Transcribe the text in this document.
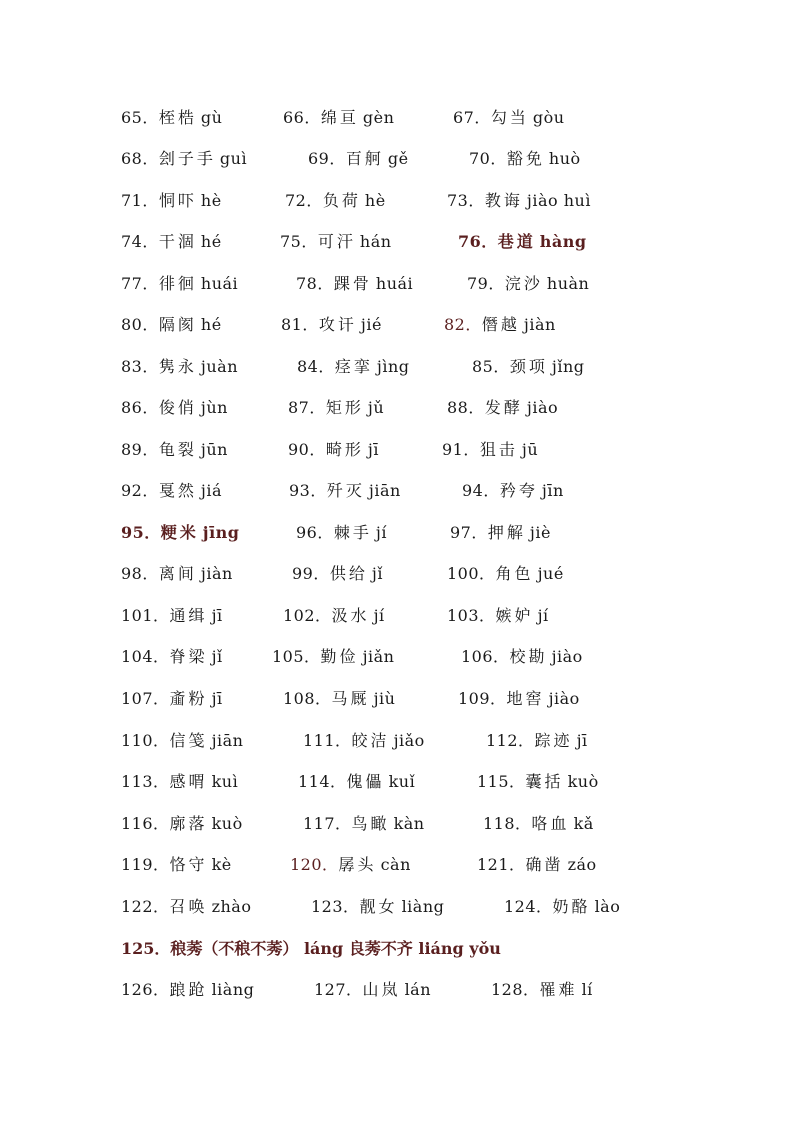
65．桎梏 gù	66．绵亘 gèn	67．勾当 gòu
68．刽子手 guì	69．百舸 gě	70．豁免 huò
71．恫吓 hè	72．负荷 hè	73．教诲 jiào huì
74．干涸 hé	75．可汗 hán	76．巷道 hàng
77．徘徊 huái	78．踝骨 huái	79．浣沙 huàn
80．隔阂 hé	81．攻讦 jié	82．僭越 jiàn
83．隽永 juàn	84．痉挛 jìng	85．颈项 jǐng
86．俊俏 jùn	87．矩形 jǔ	88．发酵 jiào
89．龟裂 jūn	90．畸形 jī	91．狙击 jū
92．戛然 jiá	93．歼灭 jiān	94．矜夸 jīn
95．粳米 jīng	96．棘手 jí	97．押解 jiè
98．离间 jiàn	99．供给 jǐ	100．角色 jué
101．通缉 jī	102．汲水 jí	103．嫉妒 jí
104．脊梁 jǐ	105．勤俭 jiǎn	106．校勘 jiào
107．齑粉 jī	108．马厩 jiù	109．地窖 jiào
110．信笺 jiān	111．皎洁 jiǎo	112．踪迹 jī
113．感喟 kuì	114．傀儡 kuǐ	115．囊括 kuò
116．廓落 kuò	117．鸟瞰 kàn	118．咯血 kǎ
119．恪守 kè	120．孱头 càn	121．确凿 záo
122．召唤 zhào	123．靓女 liàng	124．奶酪 lào
125．稂莠（不稂不莠） láng 良莠不齐 liáng yǒu
126．踉跄 liàng	127．山岚 lán	128．罹难 lí
